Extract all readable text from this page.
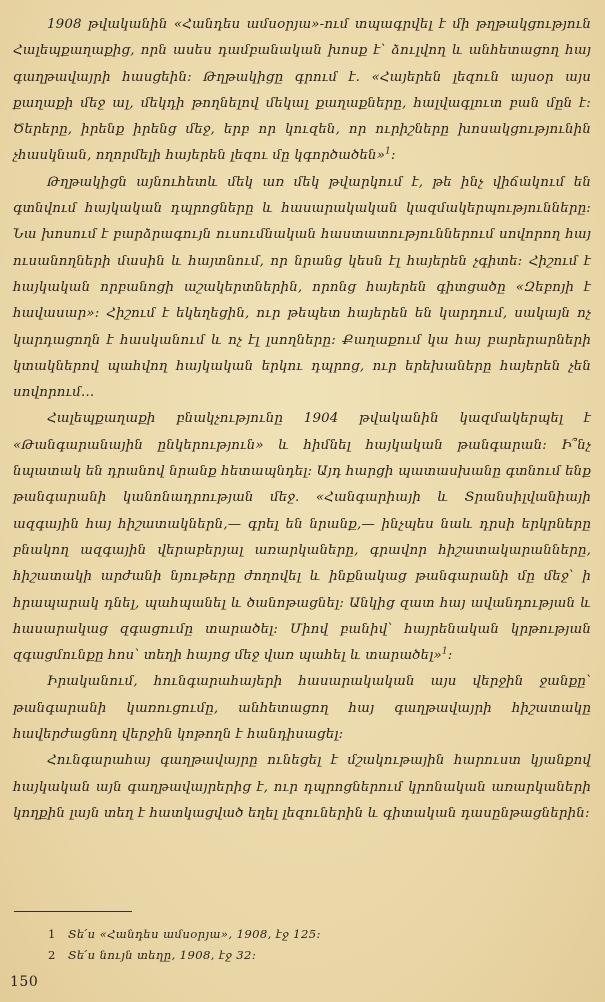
1908 թվականին «Հանդես ամսօրյա»-ում տպագրվել է մի թղթակցություն Հալեպքաղաքից, որն ասես դամբանական խոսք է՝ ձուլվող և անհետացող հայ գաղթավայրի հասցեին։ Թղթակիցը գրում է. «Հայերեն լեզուն այսօր այս քաղաքի մեջ ալ, մեկդի թողնելով մեկալ քաղաքները, հալվագլուտ բան մըն է։ Ծերերը, իրենք իրենց մեջ, երբ որ կուզեն, որ ուրիշները խոսակցությունին չհասկնան, ողորմելի հայերեն լեզու մը կգործածեն»$^1$։

Թղթակիցն այնուհետև մեկ առ մեկ թվարկում է, թե ինչ վիճակում են գտնվում հայկական դպրոցները և հասարակական կազմակերպությունները։ Նա խոսում է բարձրագույն ուսումնական հաստատություններում սովորող հայ ուսանողների մասին և հայտնում, որ նրանց կեսն էլ հայերեն չգիտե։ Հիշում է հայկական որբանոցի աշակերտներին, որոնց հայերեն գիտցածը «Զեբոյի է հավասար»։ Հիշում է եկեղեցին, ուր թեպետ հայերեն են կարդում, սակայն ոչ կարդացողն է հասկանում և ոչ էլ լսողները։ Քաղաքում կա հայ բարերարների կտակներով պահվող հայկական երկու դպրոց, ուր երեխաները հայերեն չեն սովորում...

Հալեպքաղաքի բնակչությունը 1904 թվականին կազմակերպել է «Թանգարանային ընկերություն» և հիմնել հայկական թանգարան։ Ի՞նչ նպատակ են դրանով նրանք հետապնդել։ Այդ հարցի պատասխանը գտնում ենք թանգարանի կանոնադրության մեջ. «Հանգարիայի և Տրանսիլվանիայի ազգային հայ հիշատակներն,— գրել են նրանք,— ինչպես նաև դրսի երկրները բնակող ազգային վերաբերյալ առարկաները, գրավոր հիշատակարանները, հիշատակի արժանի նյութերը ժողովել և ինքնակաց թանգարանի մը մեջ՝ ի հրապարակ դնել, պահպանել և ծանոթացնել։ Անկից զատ հայ ավանդության և հասարակաց զգացումը տարածել։ Միով բանիվ՝ հայրենական կրթության զգացմունքը հոս՝ տեղի հայոց մեջ վառ պահել և տարածել»$^1$։

Իրականում, հունգարահայերի հասարակական այս վերջին ջանքը՝ թանգարանի կառուցումը, անհետացող հայ գաղթավայրի հիշատակը հավերժացնող վերջին կոթողն է հանդիսացել։

Հունգարահայ գաղթավայրը ունեցել է մշակութային հարուստ կյանքով հայկական այն գաղթավայրերից է, ուր դպրոցներում կրոնական առարկաների կողքին լայն տեղ է հատկացված եղել լեզուներին և գիտական դասընթացներին։

1 Տե՛ս «Հանդես ամսօրյա», 1908, էջ 125։
2 Տե՛ս նույն տեղը, 1908, էջ 32։
150
